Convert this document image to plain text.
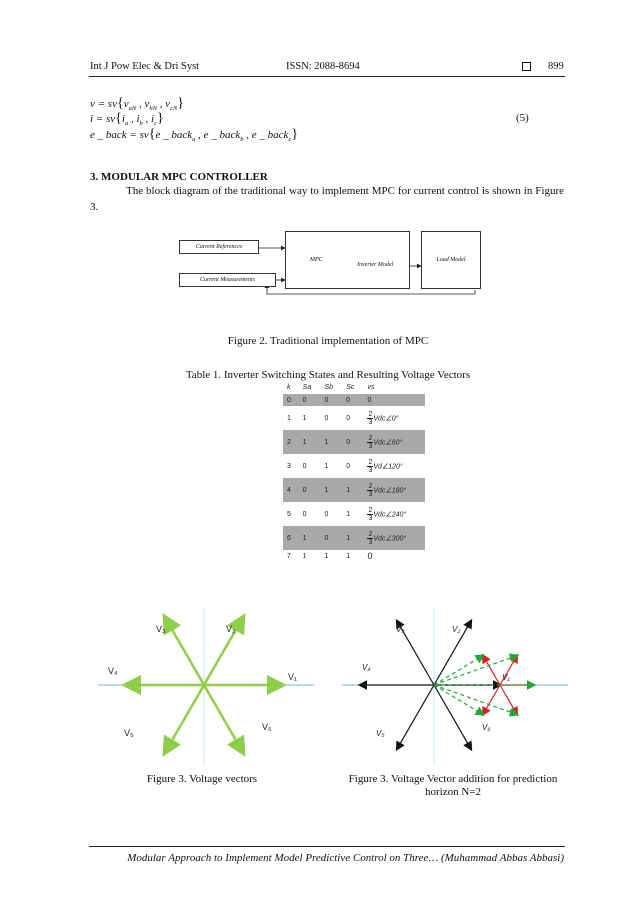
Int J Pow Elec & Dri Syst	ISSN: 2088-8694	899
$v = sv\{v_{aN}$ , $v_{bN}$ , $v_{cN}$}
$i = sv\{i_a$ , $i_b$ , $i_c$}	(5)
e _ back = sv{e _ back$_a$ , e _ back$_b$ , e _ back$_c$}
3. MODULAR MPC CONTROLLER
The block diagram of the traditional way to implement MPC for current control is shown in Figure 3.
Current References
Current Measurements
MPC
Inverter Model
Load Model
Figure 2. Traditional implementation of MPC
Table 1. Inverter Switching States and Resulting Voltage Vectors
k	Sa	Sb	Sc	vs
0	0	0	0	0
1	1	0	0	$\frac{2}{3}$ Vdc∠0°
2	1	1	0	$\frac{2}{3}$ Vdc∠60°
3	0	1	0	$\frac{2}{3}$ Vd∠120°
4	0	1	1	$\frac{2}{3}$ Vdc∠180°
5	0	0	1	$\frac{2}{3}$ Vdc∠240°
6	1	0	1	$\frac{2}{3}$ Vdc∠300°
7	1	1	1	0
V₁
V₂
V₃
V₄
V₅
V₆
Figure 3. Voltage vectors
V₁
V₂
V₃
V₄
V₅
V₆
Figure 3. Voltage Vector addition for prediction
horizon N=2
Modular Approach to Implement Model Predictive Control on Three… (Muhammad Abbas Abbasi)
